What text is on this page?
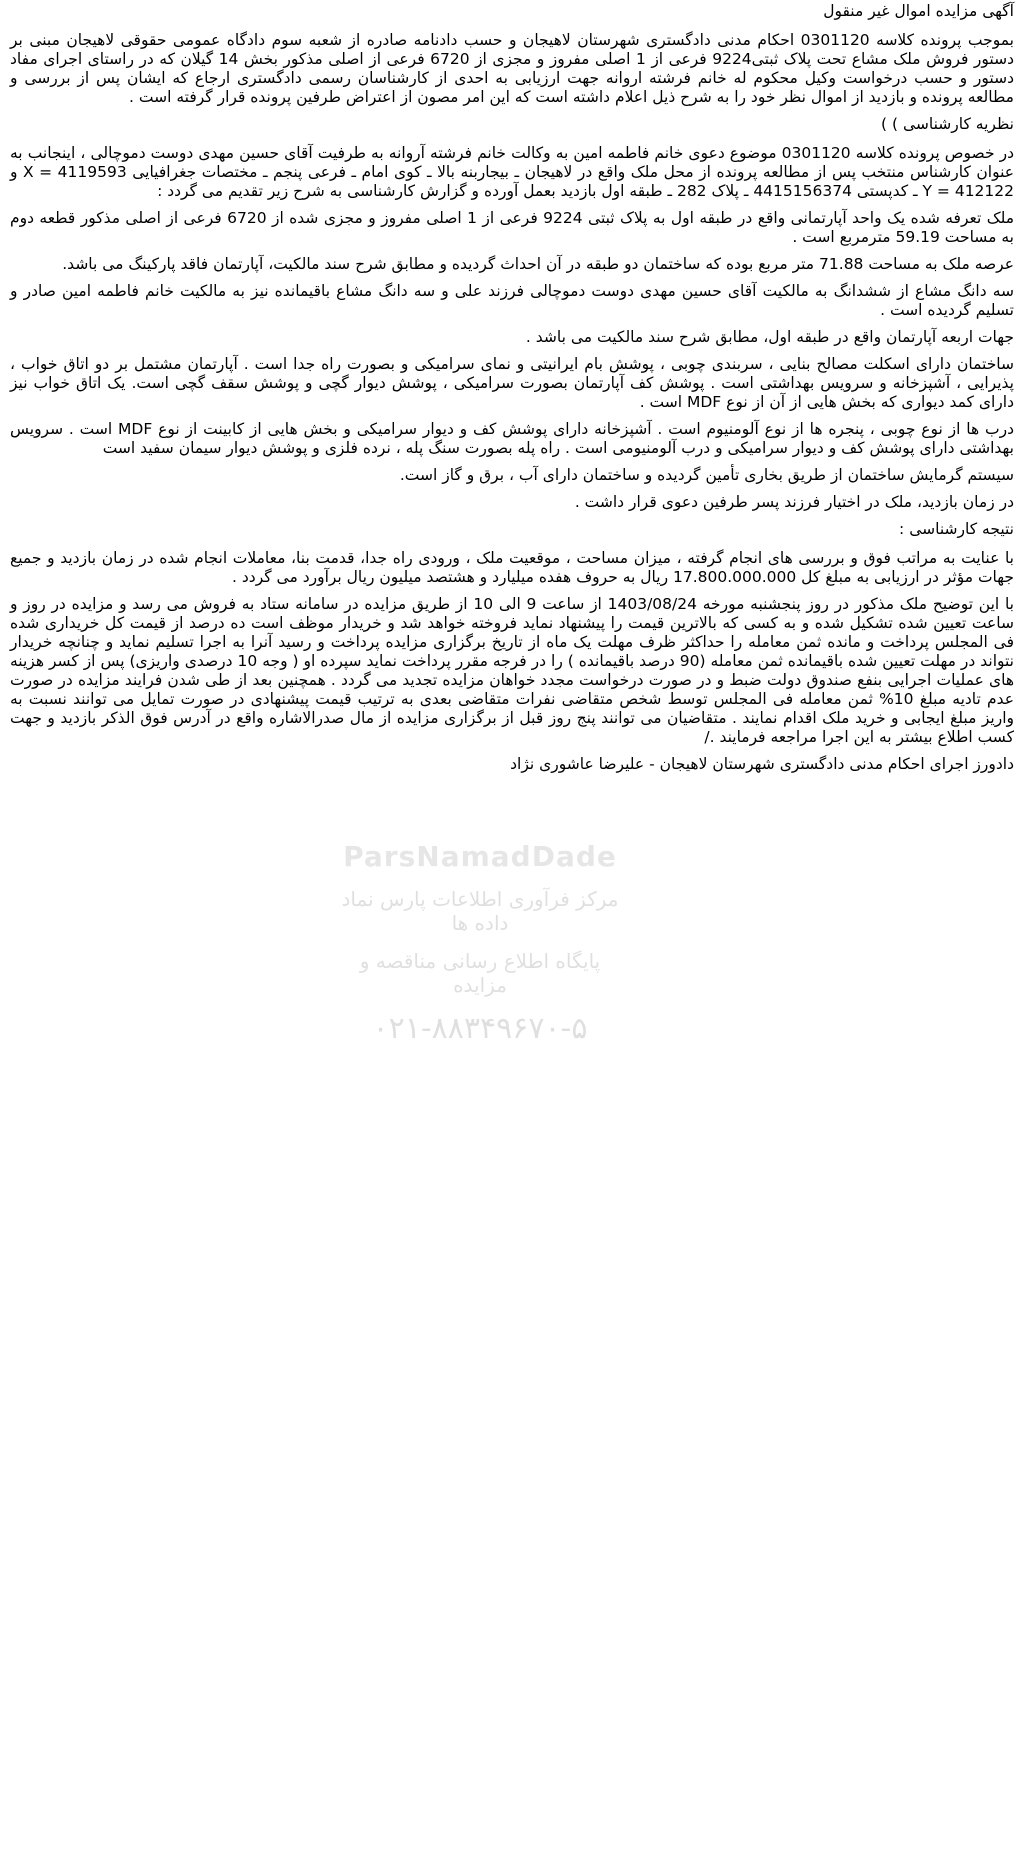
ParsNamadDade
مرکز فرآوری اطلاعات پارس نماد داده ها
پایگاه اطلاع رسانی مناقصه و مزایده
۰۲۱-۸۸۳۴۹۶۷۰-۵

آگهی مزایده اموال غیر منقول

بموجب پرونده کلاسه 0301120 احکام مدنی دادگستری شهرستان لاهیجان و حسب دادنامه صادره از شعبه سوم دادگاه عمومی حقوقی لاهیجان مبنی بر دستور فروش ملک مشاع تحت پلاک ثبتی9224 فرعی از 1 اصلی مفروز و مجزی از 6720 فرعی از اصلی مذکور بخش 14 گیلان که در راستای اجرای مفاد دستور و حسب درخواست وکیل محکوم له خانم فرشته اروانه جهت ارزیابی به احدی از کارشناسان رسمی دادگستری ارجاع که ایشان پس از بررسی و مطالعه پرونده و بازدید از اموال نظر خود را به شرح ذیل اعلام داشته است که این امر مصون از اعتراض طرفین پرونده قرار گرفته است .

نظریه کارشناسی ) )

در خصوص پرونده کلاسه 0301120 موضوع دعوی خانم فاطمه امین به وکالت خانم فرشته آروانه به طرفیت آقای حسین مهدی دوست دموچالی ، اینجانب به عنوان کارشناس منتخب پس از مطالعه پرونده از محل ملک واقع در لاهیجان ـ بیجاربنه بالا ـ کوی امام ـ فرعی پنجم ـ مختصات جغرافیایی 4119593 = X و 412122 = Y ـ کدپستی 4415156374 ـ پلاک 282 ـ طبقه اول بازدید بعمل آورده و گزارش کارشناسی به شرح زیر تقدیم می گردد :

ملک تعرفه شده یک واحد آپارتمانی واقع در طبقه اول به پلاک ثبتی 9224 فرعی از 1 اصلی مفروز و مجزی شده از 6720 فرعی از اصلی مذکور قطعه دوم به مساحت 59.19 مترمربع است .

عرصه ملک به مساحت 71.88 متر مربع بوده که ساختمان دو طبقه در آن احداث گردیده و مطابق شرح سند مالکیت، آپارتمان فاقد پارکینگ می باشد.

سه دانگ مشاع از ششدانگ به مالکیت آقای حسین مهدی دوست دموچالی فرزند علی و سه دانگ مشاع باقیمانده نیز به مالکیت خانم فاطمه امین صادر و تسلیم گردیده است .

جهات اربعه آپارتمان واقع در طبقه اول، مطابق شرح سند مالکیت می باشد .

ساختمان دارای اسکلت مصالح بنایی ، سربندی چوبی ، پوشش بام ایرانیتی و نمای سرامیکی و بصورت راه جدا است . آپارتمان مشتمل بر دو اتاق خواب ، پذیرایی ، آشپزخانه و سرویس بهداشتی است . پوشش کف آپارتمان بصورت سرامیکی ، پوشش دیوار گچی و پوشش سقف گچی است. یک اتاق خواب نیز دارای کمد دیواری که بخش هایی از آن از نوع MDF است .

درب ها از نوع چوبی ، پنجره ها از نوع آلومنیوم است . آشپزخانه دارای پوشش کف و دیوار سرامیکی و بخش هایی از کابینت از نوع MDF است . سرویس بهداشتی دارای پوشش کف و دیوار سرامیکی و درب آلومنیومی است . راه پله بصورت سنگ پله ، نرده فلزی و پوشش دیوار سیمان سفید است

سیستم گرمایش ساختمان از طریق بخاری تأمین گردیده و ساختمان دارای آب ، برق و گاز است.

در زمان بازدید، ملک در اختیار فرزند پسر طرفین دعوی قرار داشت .

نتیجه کارشناسی :

با عنایت به مراتب فوق و بررسی های انجام گرفته ، میزان مساحت ، موقعیت ملک ، ورودی راه جدا، قدمت بنا، معاملات انجام شده در زمان بازدید و جمیع جهات مؤثر در ارزیابی به مبلغ کل 17.800.000.000 ریال به حروف هفده میلیارد و هشتصد میلیون ریال برآورد می گردد .

با این توضیح ملک مذکور در روز پنجشنبه مورخه 1403/08/24 از ساعت 9 الی 10 از طریق مزایده در سامانه ستاد به فروش می رسد و مزایده در روز و ساعت تعیین شده تشکیل شده و به کسی که بالاترین قیمت را پیشنهاد نماید فروخته خواهد شد و خریدار موظف است ده درصد از قیمت کل خریداری شده فی المجلس پرداخت و مانده ثمن معامله را حداکثر ظرف مهلت یک ماه از تاریخ برگزاری مزایده پرداخت و رسید آنرا به اجرا تسلیم نماید و چنانچه خریدار نتواند در مهلت تعیین شده باقیمانده ثمن معامله (90 درصد باقیمانده ) را در فرجه مقرر پرداخت نماید سپرده او ( وجه 10 درصدی واریزی) پس از کسر هزینه های عملیات اجرایی بنفع صندوق دولت ضبط و در صورت درخواست مجدد خواهان مزایده تجدید می گردد . همچنین بعد از طی شدن فرایند مزایده در صورت عدم تادیه مبلغ 10% ثمن معامله فی المجلس توسط شخص متقاضی نفرات متقاضی بعدی به ترتیب قیمت پیشنهادی در صورت تمایل می توانند نسبت به واریز مبلغ ایجابی و خرید ملک اقدام نمایند . متقاضیان می توانند پنج روز قبل از برگزاری مزایده از مال صدرالاشاره واقع در آدرس فوق الذکر بازدید و جهت کسب اطلاع بیشتر به این اجرا مراجعه فرمایند ./

دادورز اجرای احکام مدنی دادگستری شهرستان لاهیجان - علیرضا عاشوری نژاد
